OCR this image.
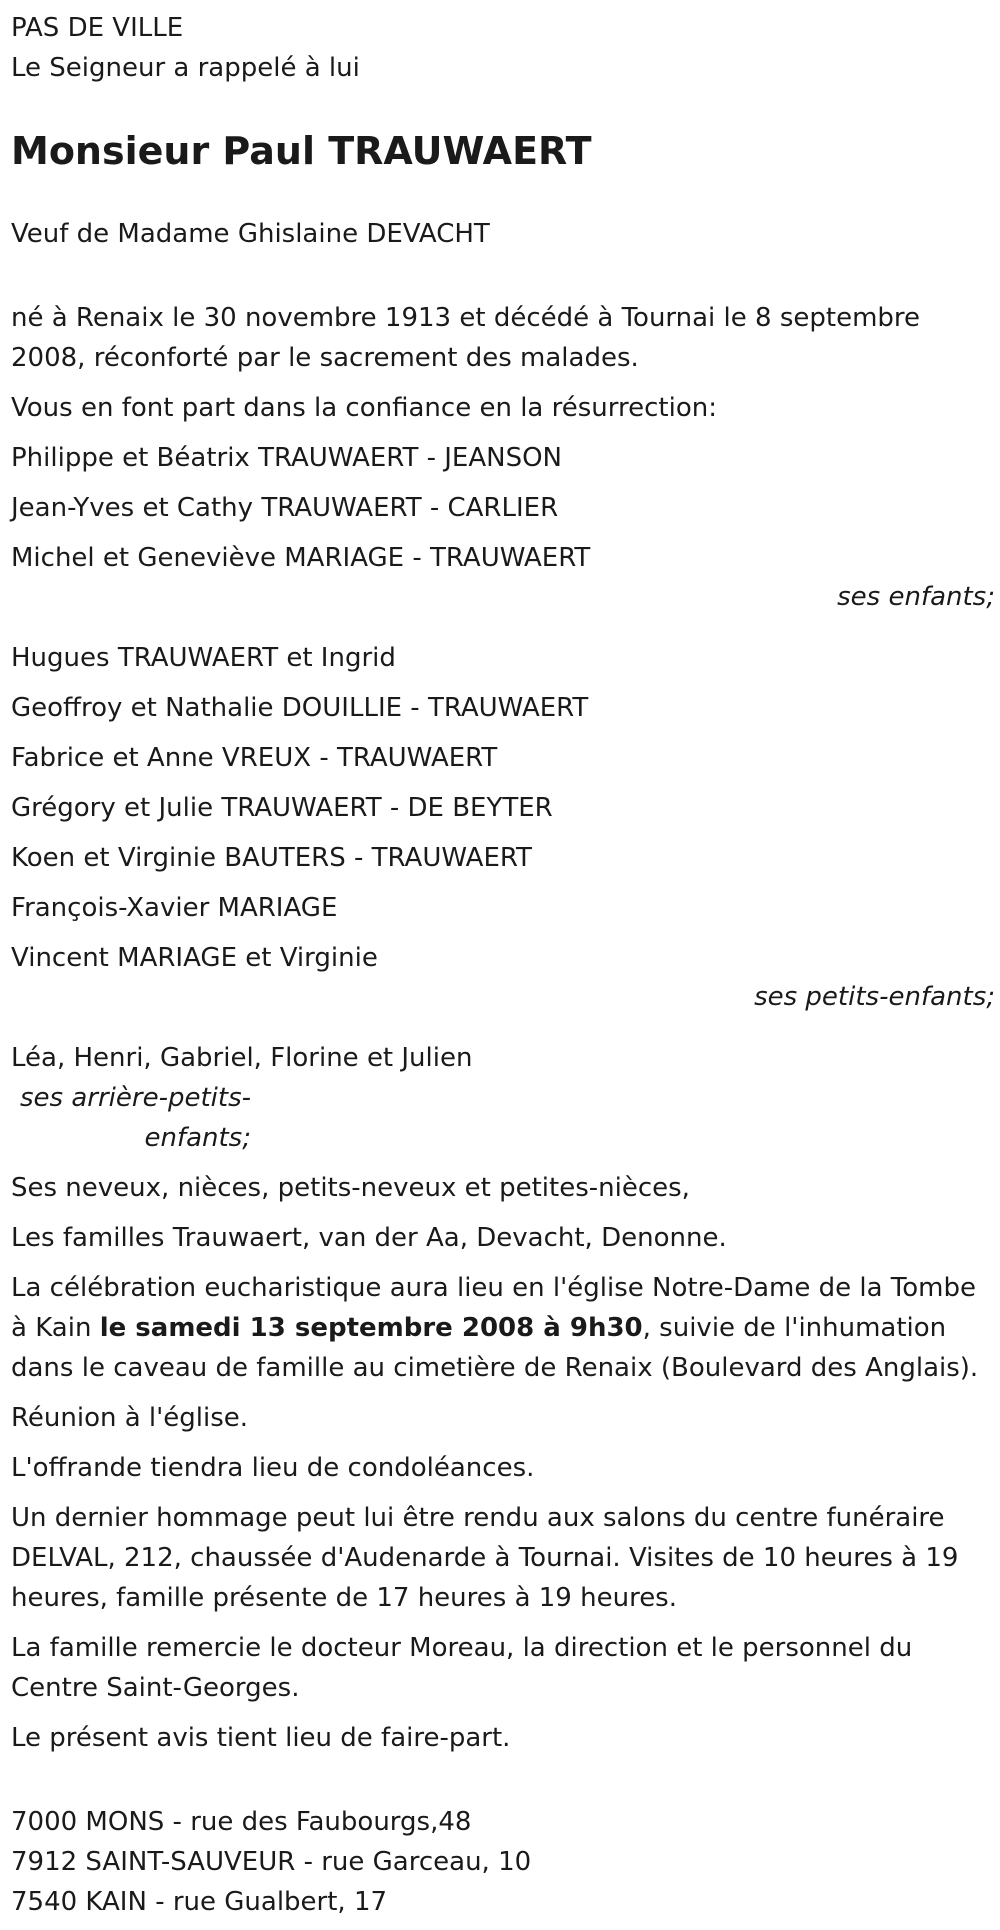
PAS DE VILLE

Le Seigneur a rappelé à lui

Monsieur Paul TRAUWAERT

Veuf de Madame Ghislaine DEVACHT

né à Renaix le 30 novembre 1913 et décédé à Tournai le 8 septembre 2008, réconforté par le sacrement des malades.

Vous en font part dans la confiance en la résurrection:

Philippe et Béatrix TRAUWAERT - JEANSON

Jean-Yves et Cathy TRAUWAERT - CARLIER

Michel et Geneviève MARIAGE - TRAUWAERT

ses enfants;

Hugues TRAUWAERT et Ingrid

Geoffroy et Nathalie DOUILLIE - TRAUWAERT

Fabrice et Anne VREUX - TRAUWAERT

Grégory et Julie TRAUWAERT - DE BEYTER

Koen et Virginie BAUTERS - TRAUWAERT

François-Xavier MARIAGE

Vincent MARIAGE et Virginie

ses petits-enfants;

Léa, Henri, Gabriel, Florine et Julien

ses arrière-petits-enfants;

Ses neveux, nièces, petits-neveux et petites-nièces,

Les familles Trauwaert, van der Aa, Devacht, Denonne.

La célébration eucharistique aura lieu en l'église Notre-Dame de la Tombe à Kain le samedi 13 septembre 2008 à 9h30, suivie de l'inhumation dans le caveau de famille au cimetière de Renaix (Boulevard des Anglais).

Réunion à l'église.

L'offrande tiendra lieu de condoléances.

Un dernier hommage peut lui être rendu aux salons du centre funéraire DELVAL, 212, chaussée d'Audenarde à Tournai. Visites de 10 heures à 19 heures, famille présente de 17 heures à 19 heures.

La famille remercie le docteur Moreau, la direction et le personnel du Centre Saint-Georges.

Le présent avis tient lieu de faire-part.

7000 MONS - rue des Faubourgs,48

7912 SAINT-SAUVEUR - rue Garceau, 10

7540 KAIN - rue Gualbert, 17
